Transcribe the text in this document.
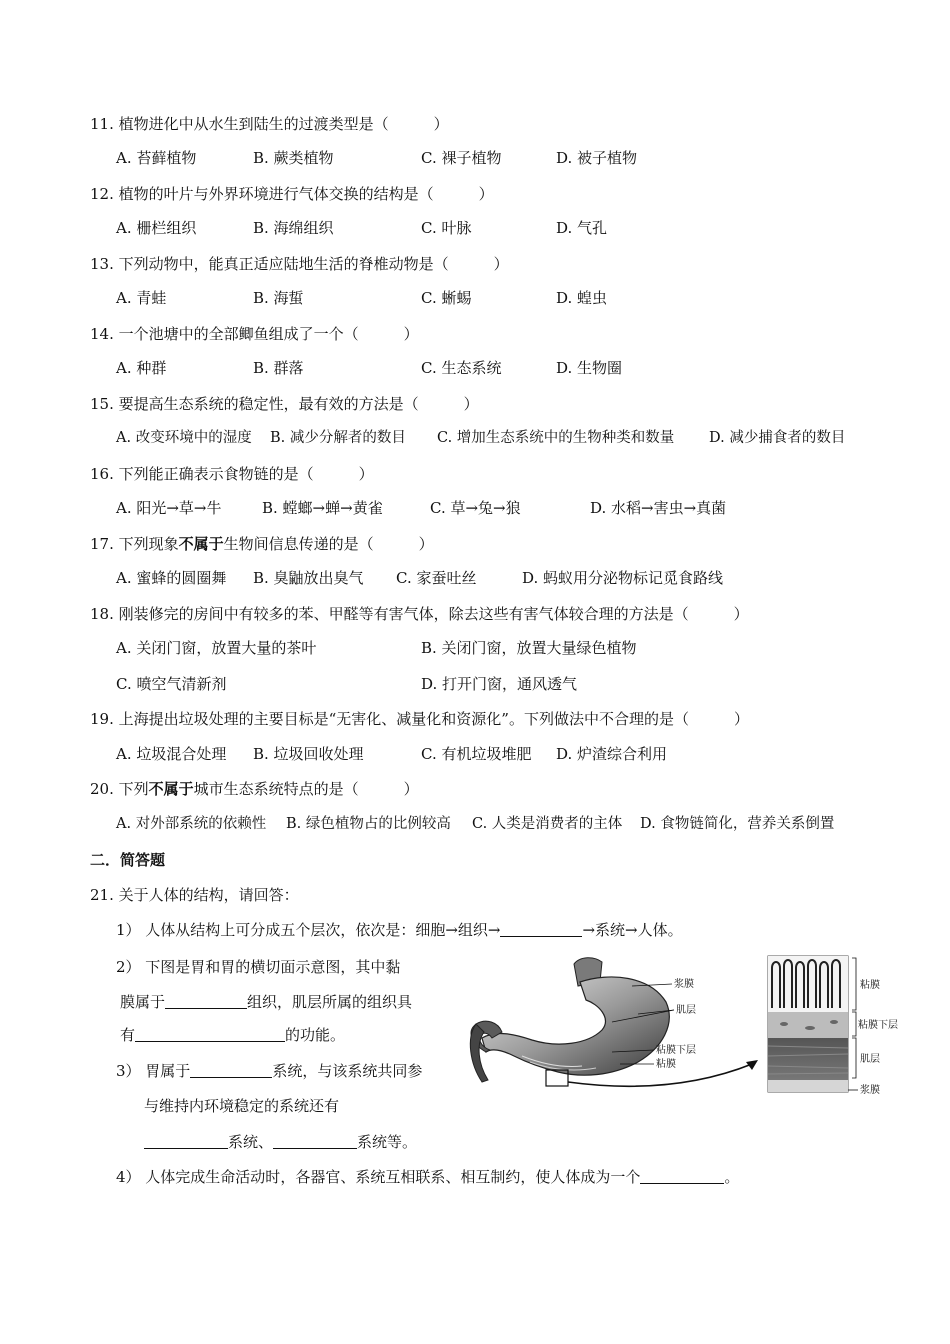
11. 植物进化中从水生到陆生的过渡类型是（　　　）
A. 苔藓植物	B. 蕨类植物	C. 裸子植物	D. 被子植物
12. 植物的叶片与外界环境进行气体交换的结构是（　　　）
A. 栅栏组织	B. 海绵组织	C. 叶脉	D. 气孔
13. 下列动物中，能真正适应陆地生活的脊椎动物是（　　　）
A. 青蛙	B. 海蜇	C. 蜥蜴	D. 蝗虫
14. 一个池塘中的全部鲫鱼组成了一个（　　　）
A. 种群	B. 群落	C. 生态系统	D. 生物圈
15. 要提高生态系统的稳定性，最有效的方法是（　　　）
A. 改变环境中的湿度 B. 减少分解者的数目 C. 增加生态系统中的生物种类和数量 D. 减少捕食者的数目
16. 下列能正确表示食物链的是（　　　）
A. 阳光→草→牛	B. 螳螂→蝉→黄雀	C. 草→兔→狼	D. 水稻→害虫→真菌
17. 下列现象不属于生物间信息传递的是（　　　）
A. 蜜蜂的圆圈舞 B. 臭鼬放出臭气 C. 家蚕吐丝	D. 蚂蚁用分泌物标记觅食路线
18. 刚装修完的房间中有较多的苯、甲醛等有害气体，除去这些有害气体较合理的方法是（　　　）
A. 关闭门窗，放置大量的茶叶	B. 关闭门窗，放置大量绿色植物
C. 喷空气清新剂	D. 打开门窗，通风透气
19. 上海提出垃圾处理的主要目标是“无害化、减量化和资源化”。下列做法中不合理的是（　　　）
A. 垃圾混合处理 B. 垃圾回收处理	C. 有机垃圾堆肥 D. 炉渣综合利用
20. 下列不属于城市生态系统特点的是（　　　）
A. 对外部系统的依赖性 B. 绿色植物占的比例较高 C. 人类是消费者的主体 D. 食物链简化，营养关系倒置
二．简答题
21. 关于人体的结构，请回答：
1） 人体从结构上可分成五个层次，依次是：细胞→组织→	→系统→人体。
2） 下图是胃和胃的横切面示意图，其中黏
膜属于	组织，肌层所属的组织具
有	的功能。
3） 胃属于	系统，与该系统共同参
与维持内环境稳定的系统还有
系统、	系统等。
4） 人体完成生命活动时，各器官、系统互相联系、相互制约，使人体成为一个	。
浆膜
肌层
粘膜下层
粘膜
粘膜
粘膜下层
肌层
浆膜
